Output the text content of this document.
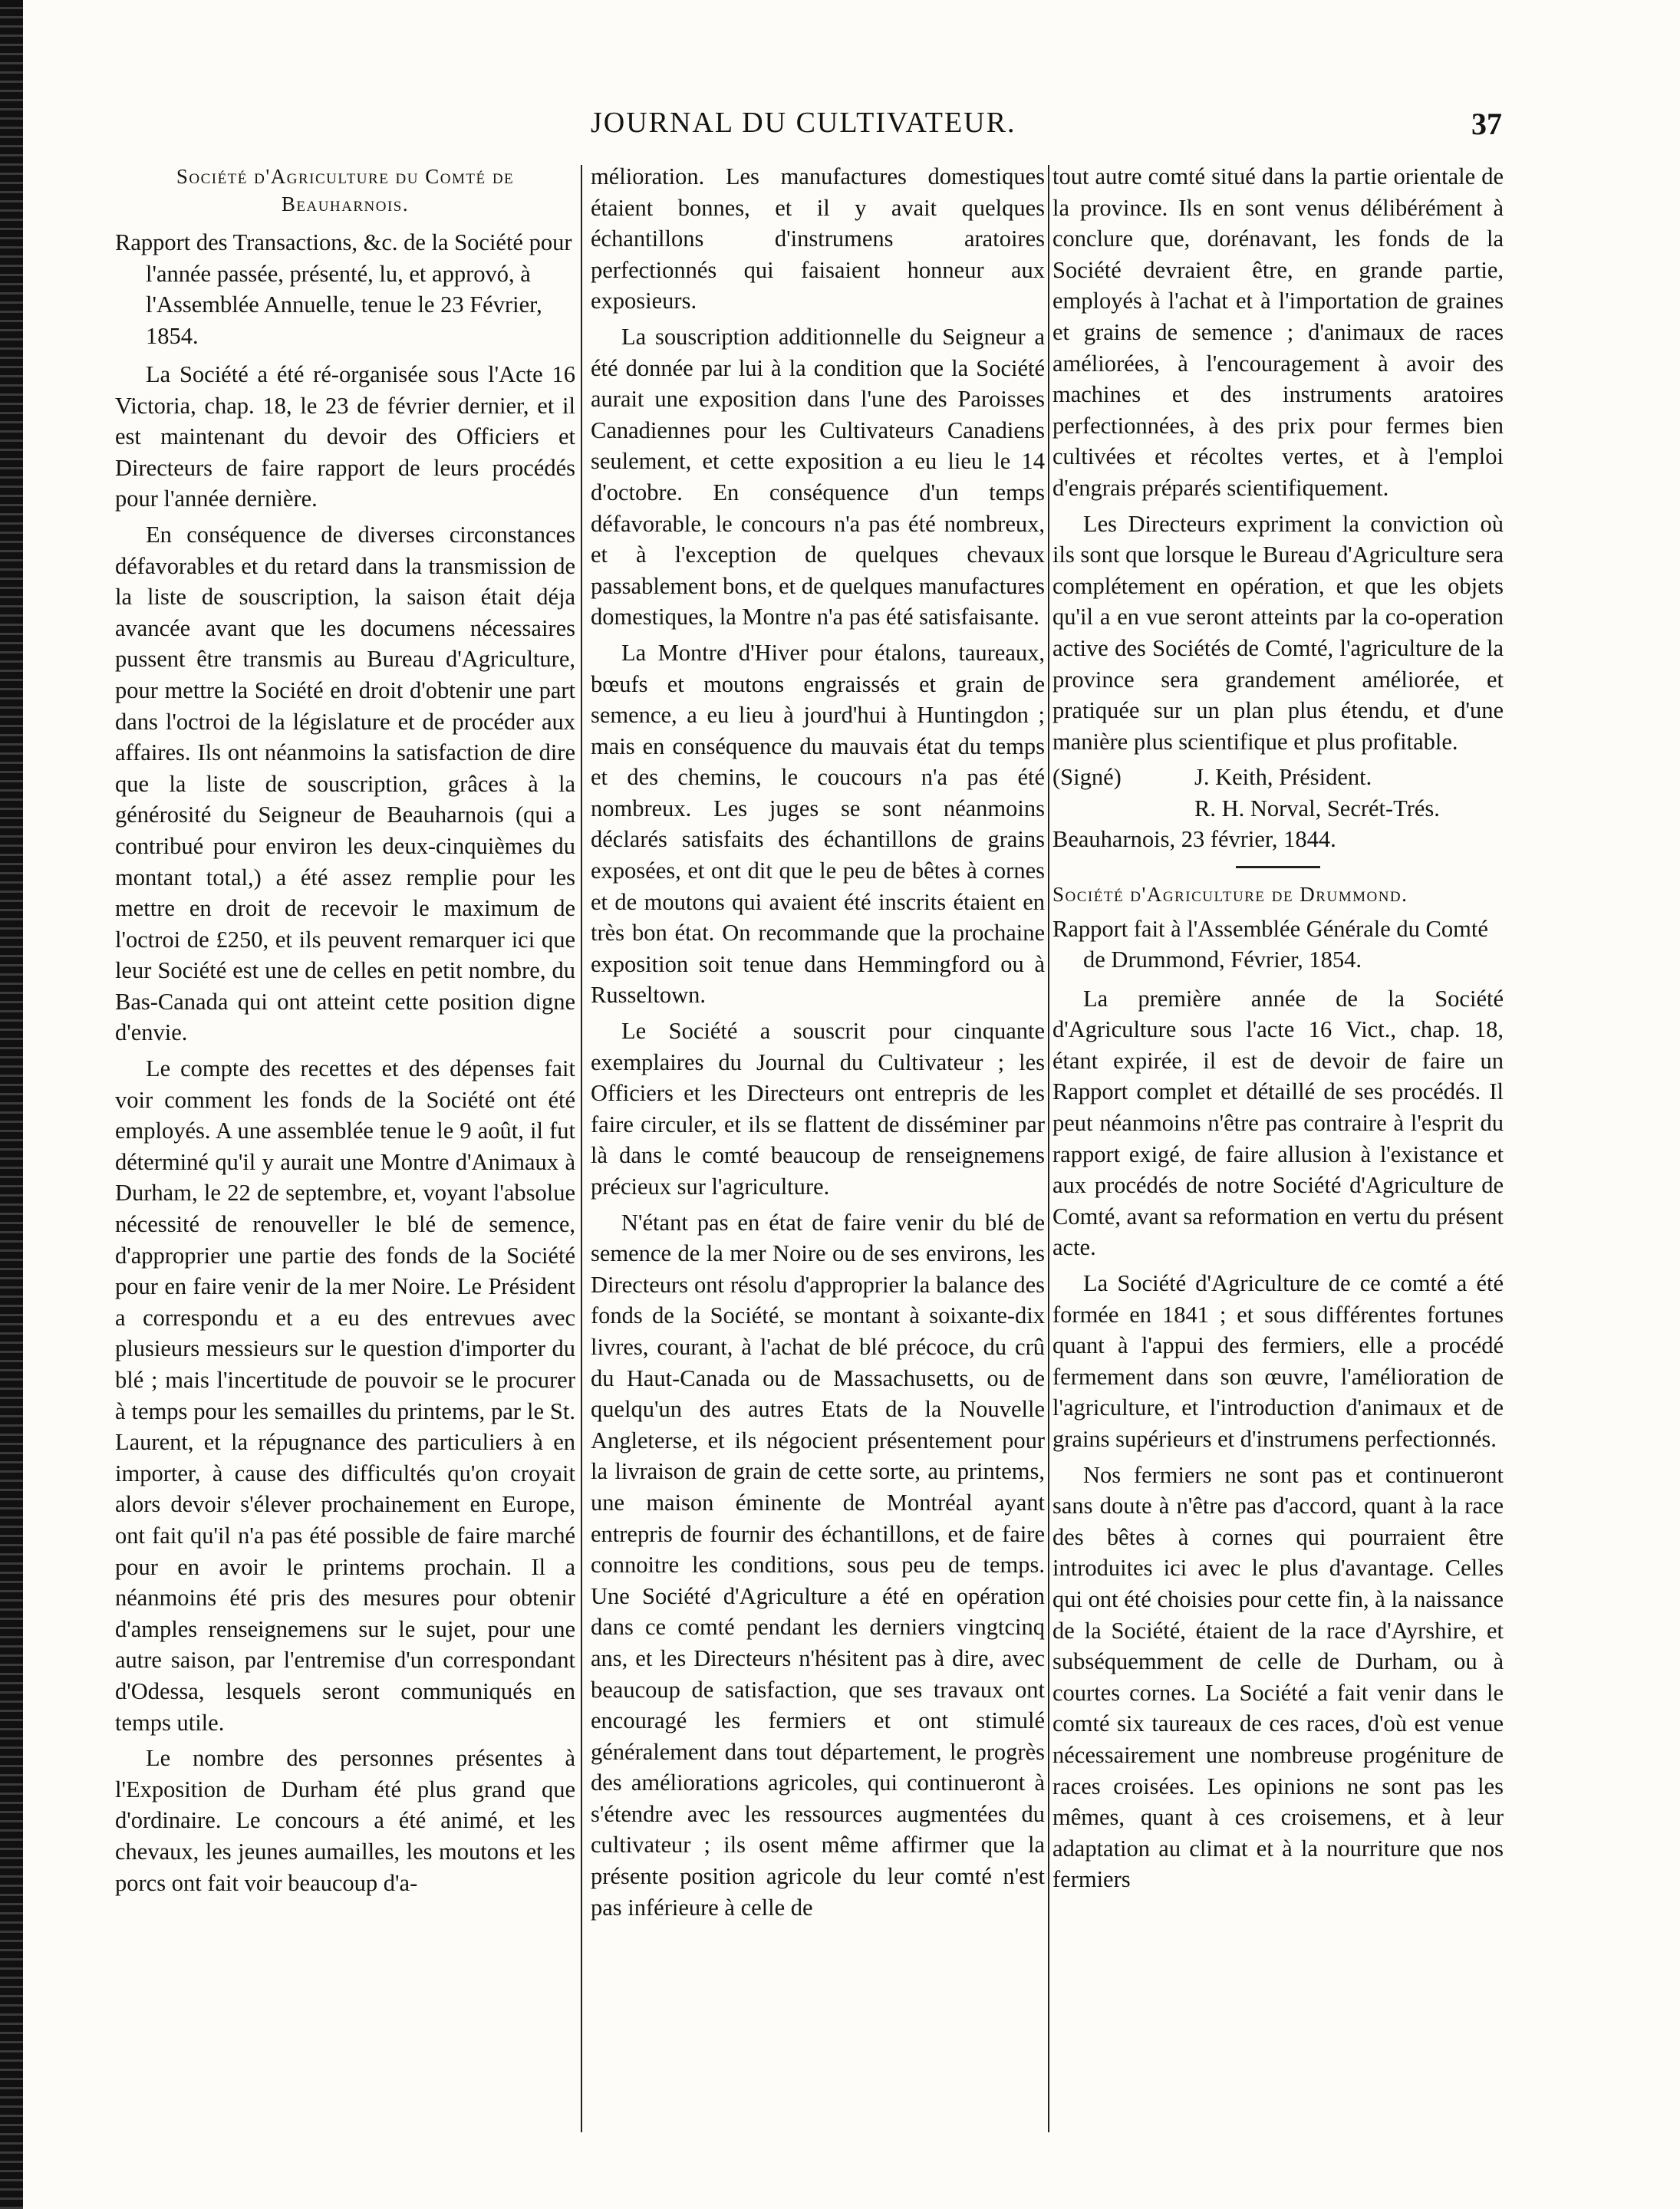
JOURNAL DU CULTIVATEUR.	37
Société d'Agriculture du Comté de Beauharnois.

Rapport des Transactions, &c. de la Société pour l'année passée, présenté, lu, et approvó, à l'Assemblée Annuelle, tenue le 23 Février, 1854.

La Société a été ré-organisée sous l'Acte 16 Victoria, chap. 18, le 23 de février dernier, et il est maintenant du devoir des Officiers et Directeurs de faire rapport de leurs procédés pour l'année dernière.

En conséquence de diverses circonstances défavorables et du retard dans la transmission de la liste de souscription, la saison était déja avancée avant que les documens nécessaires pussent être transmis au Bureau d'Agriculture, pour mettre la Société en droit d'obtenir une part dans l'octroi de la législature et de procéder aux affaires. Ils ont néanmoins la satisfaction de dire que la liste de souscription, grâces à la générosité du Seigneur de Beauharnois (qui a contribué pour environ les deux-cinquièmes du montant total,) a été assez remplie pour les mettre en droit de recevoir le maximum de l'octroi de £250, et ils peuvent remarquer ici que leur Société est une de celles en petit nombre, du Bas-Canada qui ont atteint cette position digne d'envie.

Le compte des recettes et des dépenses fait voir comment les fonds de la Société ont été employés. A une assemblée tenue le 9 août, il fut déterminé qu'il y aurait une Montre d'Animaux à Durham, le 22 de septembre, et, voyant l'absolue nécessité de renouveller le blé de semence, d'approprier une partie des fonds de la Société pour en faire venir de la mer Noire. Le Président a correspondu et a eu des entrevues avec plusieurs messieurs sur le question d'importer du blé ; mais l'incertitude de pouvoir se le procurer à temps pour les semailles du printems, par le St. Laurent, et la répugnance des particuliers à en importer, à cause des difficultés qu'on croyait alors devoir s'élever prochainement en Europe, ont fait qu'il n'a pas été possible de faire marché pour en avoir le printems prochain. Il a néanmoins été pris des mesures pour obtenir d'amples renseignemens sur le sujet, pour une autre saison, par l'entremise d'un correspondant d'Odessa, lesquels seront communiqués en temps utile.

Le nombre des personnes présentes à l'Exposition de Durham été plus grand que d'ordinaire. Le concours a été animé, et les chevaux, les jeunes aumailles, les moutons et les porcs ont fait voir beaucoup d'a-

mélioration. Les manufactures domestiques étaient bonnes, et il y avait quelques échantillons d'instrumens aratoires perfectionnés qui faisaient honneur aux exposieurs.

La souscription additionnelle du Seigneur a été donnée par lui à la condition que la Société aurait une exposition dans l'une des Paroisses Canadiennes pour les Cultivateurs Canadiens seulement, et cette exposition a eu lieu le 14 d'octobre. En conséquence d'un temps défavorable, le concours n'a pas été nombreux, et à l'exception de quelques chevaux passablement bons, et de quelques manufactures domestiques, la Montre n'a pas été satisfaisante.

La Montre d'Hiver pour étalons, taureaux, bœufs et moutons engraissés et grain de semence, a eu lieu à jourd'hui à Huntingdon ; mais en conséquence du mauvais état du temps et des chemins, le coucours n'a pas été nombreux. Les juges se sont néanmoins déclarés satisfaits des échantillons de grains exposées, et ont dit que le peu de bêtes à cornes et de moutons qui avaient été inscrits étaient en très bon état. On recommande que la prochaine exposition soit tenue dans Hemmingford ou à Russeltown.

Le Société a souscrit pour cinquante exemplaires du Journal du Cultivateur ; les Officiers et les Directeurs ont entrepris de les faire circuler, et ils se flattent de disséminer par là dans le comté beaucoup de renseignemens précieux sur l'agriculture.

N'étant pas en état de faire venir du blé de semence de la mer Noire ou de ses environs, les Directeurs ont résolu d'approprier la balance des fonds de la Société, se montant à soixante-dix livres, courant, à l'achat de blé précoce, du crû du Haut-Canada ou de Massachusetts, ou de quelqu'un des autres Etats de la Nouvelle Angleterse, et ils négocient présentement pour la livraison de grain de cette sorte, au printems, une maison éminente de Montréal ayant entrepris de fournir des échantillons, et de faire connoitre les conditions, sous peu de temps. Une Société d'Agriculture a été en opération dans ce comté pendant les derniers vingtcinq ans, et les Directeurs n'hésitent pas à dire, avec beaucoup de satisfaction, que ses travaux ont encouragé les fermiers et ont stimulé généralement dans tout département, le progrès des améliorations agricoles, qui continueront à s'étendre avec les ressources augmentées du cultivateur ; ils osent même affirmer que la présente position agricole du leur comté n'est pas inférieure à celle de

tout autre comté situé dans la partie orientale de la province. Ils en sont venus délibérément à conclure que, dorénavant, les fonds de la Société devraient être, en grande partie, employés à l'achat et à l'importation de graines et grains de semence ; d'animaux de races améliorées, à l'encouragement à avoir des machines et des instruments aratoires perfectionnées, à des prix pour fermes bien cultivées et récoltes vertes, et à l'emploi d'engrais préparés scientifiquement.

Les Directeurs expriment la conviction où ils sont que lorsque le Bureau d'Agriculture sera complétement en opération, et que les objets qu'il a en vue seront atteints par la co-operation active des Sociétés de Comté, l'agriculture de la province sera grandement améliorée, et pratiquée sur un plan plus étendu, et d'une manière plus scientifique et plus profitable.

(Signé)	J. Keith, Président.
R. H. Norval, Secrét-Trés.
Beauharnois, 23 février, 1844.
Société d'Agriculture de Drummond.

Rapport fait à l'Assemblée Générale du Comté de Drummond, Février, 1854.

La première année de la Société d'Agriculture sous l'acte 16 Vict., chap. 18, étant expirée, il est de devoir de faire un Rapport complet et détaillé de ses procédés. Il peut néanmoins n'être pas contraire à l'esprit du rapport exigé, de faire allusion à l'existance et aux procédés de notre Société d'Agriculture de Comté, avant sa reformation en vertu du présent acte.

La Société d'Agriculture de ce comté a été formée en 1841 ; et sous différentes fortunes quant à l'appui des fermiers, elle a procédé fermement dans son œuvre, l'amélioration de l'agriculture, et l'introduction d'animaux et de grains supérieurs et d'instrumens perfectionnés.

Nos fermiers ne sont pas et continueront sans doute à n'être pas d'accord, quant à la race des bêtes à cornes qui pourraient être introduites ici avec le plus d'avantage. Celles qui ont été choisies pour cette fin, à la naissance de la Société, étaient de la race d'Ayrshire, et subséquemment de celle de Durham, ou à courtes cornes. La Société a fait venir dans le comté six taureaux de ces races, d'où est venue nécessairement une nombreuse progéniture de races croisées. Les opinions ne sont pas les mêmes, quant à ces croisemens, et à leur adaptation au climat et à la nourriture que nos fermiers
